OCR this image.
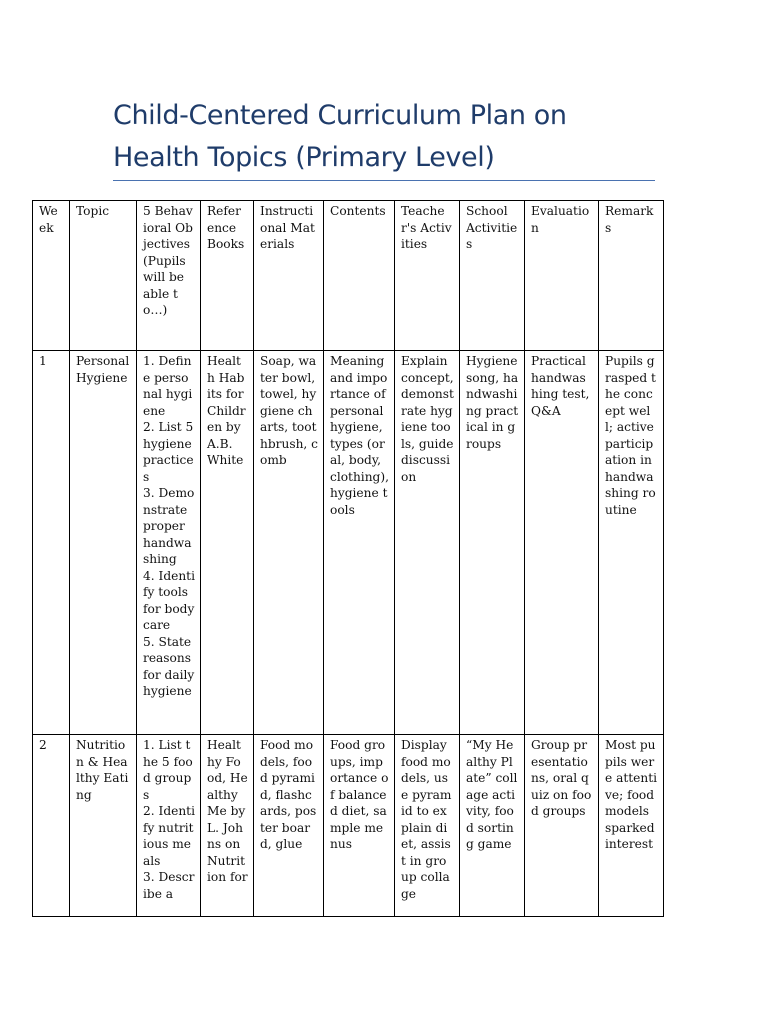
Child-Centered Curriculum Plan on
Health Topics (Primary Level)
Week	Topic	5 Behavioral Objectives (Pupils will be able to…)	Reference Books	Instructional Materials	Contents	Teacher's Activities	School Activities	Evaluation	Remarks
1	Personal Hygiene	1. Define personal hygiene
2. List 5 hygiene practices
3. Demonstrate proper handwashing
4. Identify tools for body care
5. State reasons for daily hygiene	Health Habits for Children by A.B. White	Soap, water bowl, towel, hygiene charts, toothbrush, comb	Meaning and importance of personal hygiene, types (oral, body, clothing), hygiene tools	Explain concept, demonstrate hygiene tools, guide discussion	Hygiene song, handwashing practical in groups	Practical handwashing test, Q&A	Pupils grasped the concept well; active participation in handwashing routine
2	Nutrition & Healthy Eating	1. List the 5 food groups
2. Identify nutritious meals
3. Describe a	Healthy Food, Healthy Me by L. Johns on Nutrition for	Food models, food pyramid, flashcards, poster board, glue	Food groups, importance of balanced diet, sample menus	Display food models, use pyramid to explain diet, assist in group collage	“My Healthy Plate” collage activity, food sorting game	Group presentations, oral quiz on food groups	Most pupils were attentive; food models sparked interest
